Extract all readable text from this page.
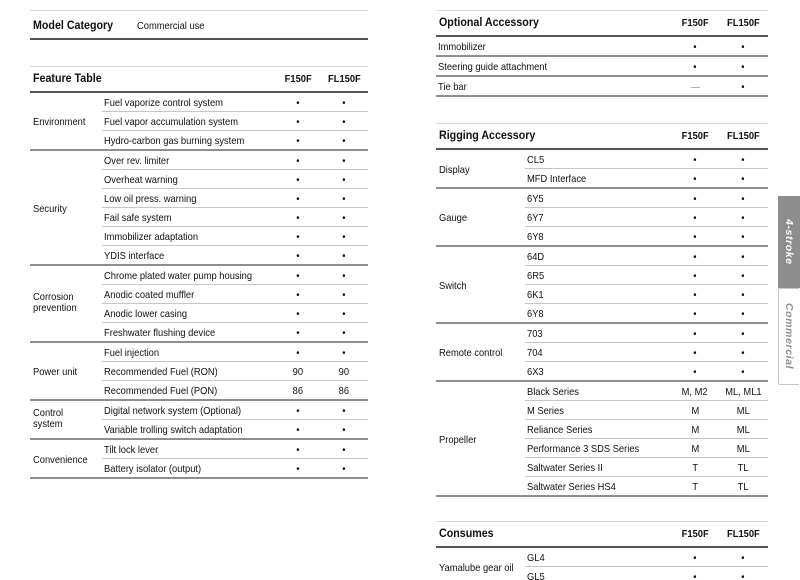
Model Category	Commercial use
Feature Table		F150F	FL150F
Environment	Fuel vaporize control system	•	•
	Fuel vapor accumulation system	•	•
	Hydro-carbon gas burning system	•	•
Security	Over rev. limiter	•	•
	Overheat warning	•	•
	Low oil press. warning	•	•
	Fail safe system	•	•
	Immobilizer adaptation	•	•
	YDIS interface	•	•
Corrosion prevention	Chrome plated water pump housing	•	•
	Anodic coated muffler	•	•
	Anodic lower casing	•	•
	Freshwater flushing device	•	•
Power unit	Fuel injection	•	•
	Recommended Fuel (RON)	90	90
	Recommended Fuel (PON)	86	86
Control system	Digital network system (Optional)	•	•
	Variable trolling switch adaptation	•	•
Convenience	Tilt lock lever	•	•
	Battery isolator (output)	•	•
Optional Accessory	F150F	FL150F
Immobilizer	•	•
Steering guide attachment	•	•
Tie bar	—	•
Rigging Accessory		F150F	FL150F
Display	CL5	•	•
	MFD Interface	•	•
Gauge	6Y5	•	•
	6Y7	•	•
	6Y8	•	•
Switch	64D	•	•
	6R5	•	•
	6K1	•	•
	6Y8	•	•
Remote control	703	•	•
	704	•	•
	6X3	•	•
Propeller	Black Series	M, M2	ML, ML1
	M Series	M	ML
	Reliance Series	M	ML
	Performance 3 SDS Series	M	ML
	Saltwater Series II	T	TL
	Saltwater Series HS4	T	TL
Consumes		F150F	FL150F
Yamalube gear oil	GL4	•	•
	GL5	•	•
4-stroke
Commercial
